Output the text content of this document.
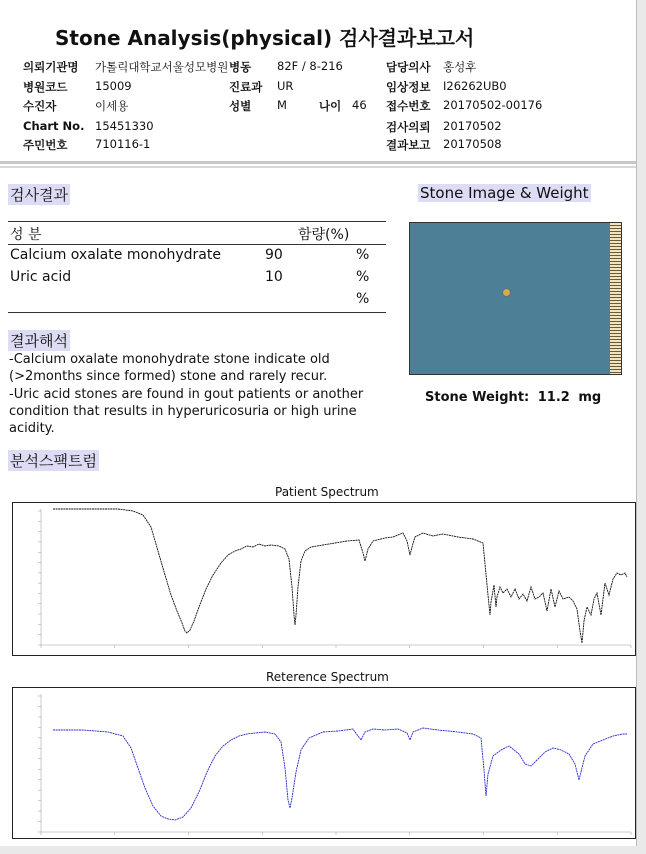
Stone Analysis(physical) 검사결과보고서
의뢰기관명 가톨릭대학교서울성모병원 병동 82F / 8-216	담당의사 홍성후
병원코드 15009	진료과 UR	임상정보 I26262UB0
수진자	이세용	성별 M	나이 46 접수번호 20170502-00176
Chart No. 15451330	검사의뢰 20170502
주민번호 710116-1	결과보고 20170508
검사결과
성 분	함량(%)
Calcium oxalate monohydrate	90	%
Uric acid	10	%
%
결과해석
-Calcium oxalate monohydrate stone indicate old (>2months since formed) stone and rarely recur.
-Uric acid stones are found in gout patients or another condition that results in hyperuricosuria or high urine acidity.
Stone Image & Weight
Stone Weight: 11.2 mg
분석스팩트럼
Patient Spectrum
Reterence Spectrum
